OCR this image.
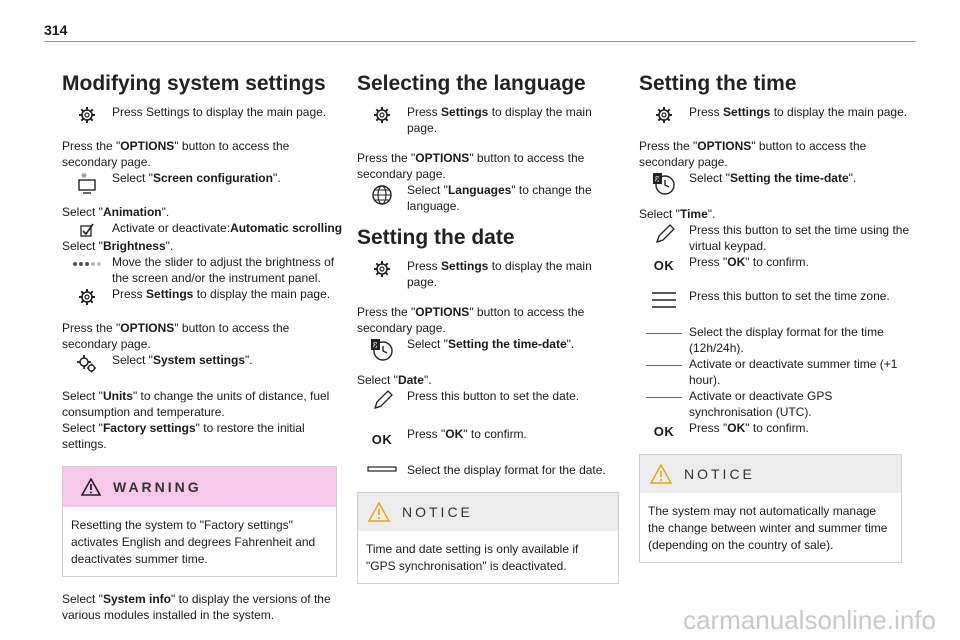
314
Modifying system settings
Press Settings to display the main page.

Press the "OPTIONS" button to access the secondary page.

Select "Screen configuration".

Select "Animation".

Activate or deactivate:Automatic scrolling

Select "Brightness".

Move the slider to adjust the brightness of the screen and/or the instrument panel.
Press Settings to display the main page.

Press the "OPTIONS" button to access the secondary page.

Select "System settings".

Select "Units" to change the units of distance, fuel consumption and temperature.

Select "Factory settings" to restore the initial settings.

WARNING
Resetting the system to "Factory settings" activates English and degrees Fahrenheit and deactivates summer time.

Select "System info" to display the versions of the various modules installed in the system.

Selecting the language
Press Settings to display the main page.

Press the "OPTIONS" button to access the secondary page.

Select "Languages" to change the language.
Setting the date
Press Settings to display the main page.

Press the "OPTIONS" button to access the secondary page.

8 Select "Setting the time-date".

Select "Date".

Press this button to set the date.
OK	Press "OK" to confirm.
Select the display format for the date.
NOTICE
Time and date setting is only available if "GPS synchronisation" is deactivated.
Setting the time
Press Settings to display the main page.

Press the "OPTIONS" button to access the secondary page.

8 Select "Setting the time-date".

Select "Time".

Press this button to set the time using the virtual keypad.
OK	Press "OK" to confirm.
Press this button to set the time zone.
Select the display format for the time (12h/24h).
Activate or deactivate summer time (+1 hour).
Activate or deactivate GPS synchronisation (UTC).
OK	Press "OK" to confirm.
NOTICE
The system may not automatically manage the change between winter and summer time (depending on the country of sale).
carmanualsonline.info
